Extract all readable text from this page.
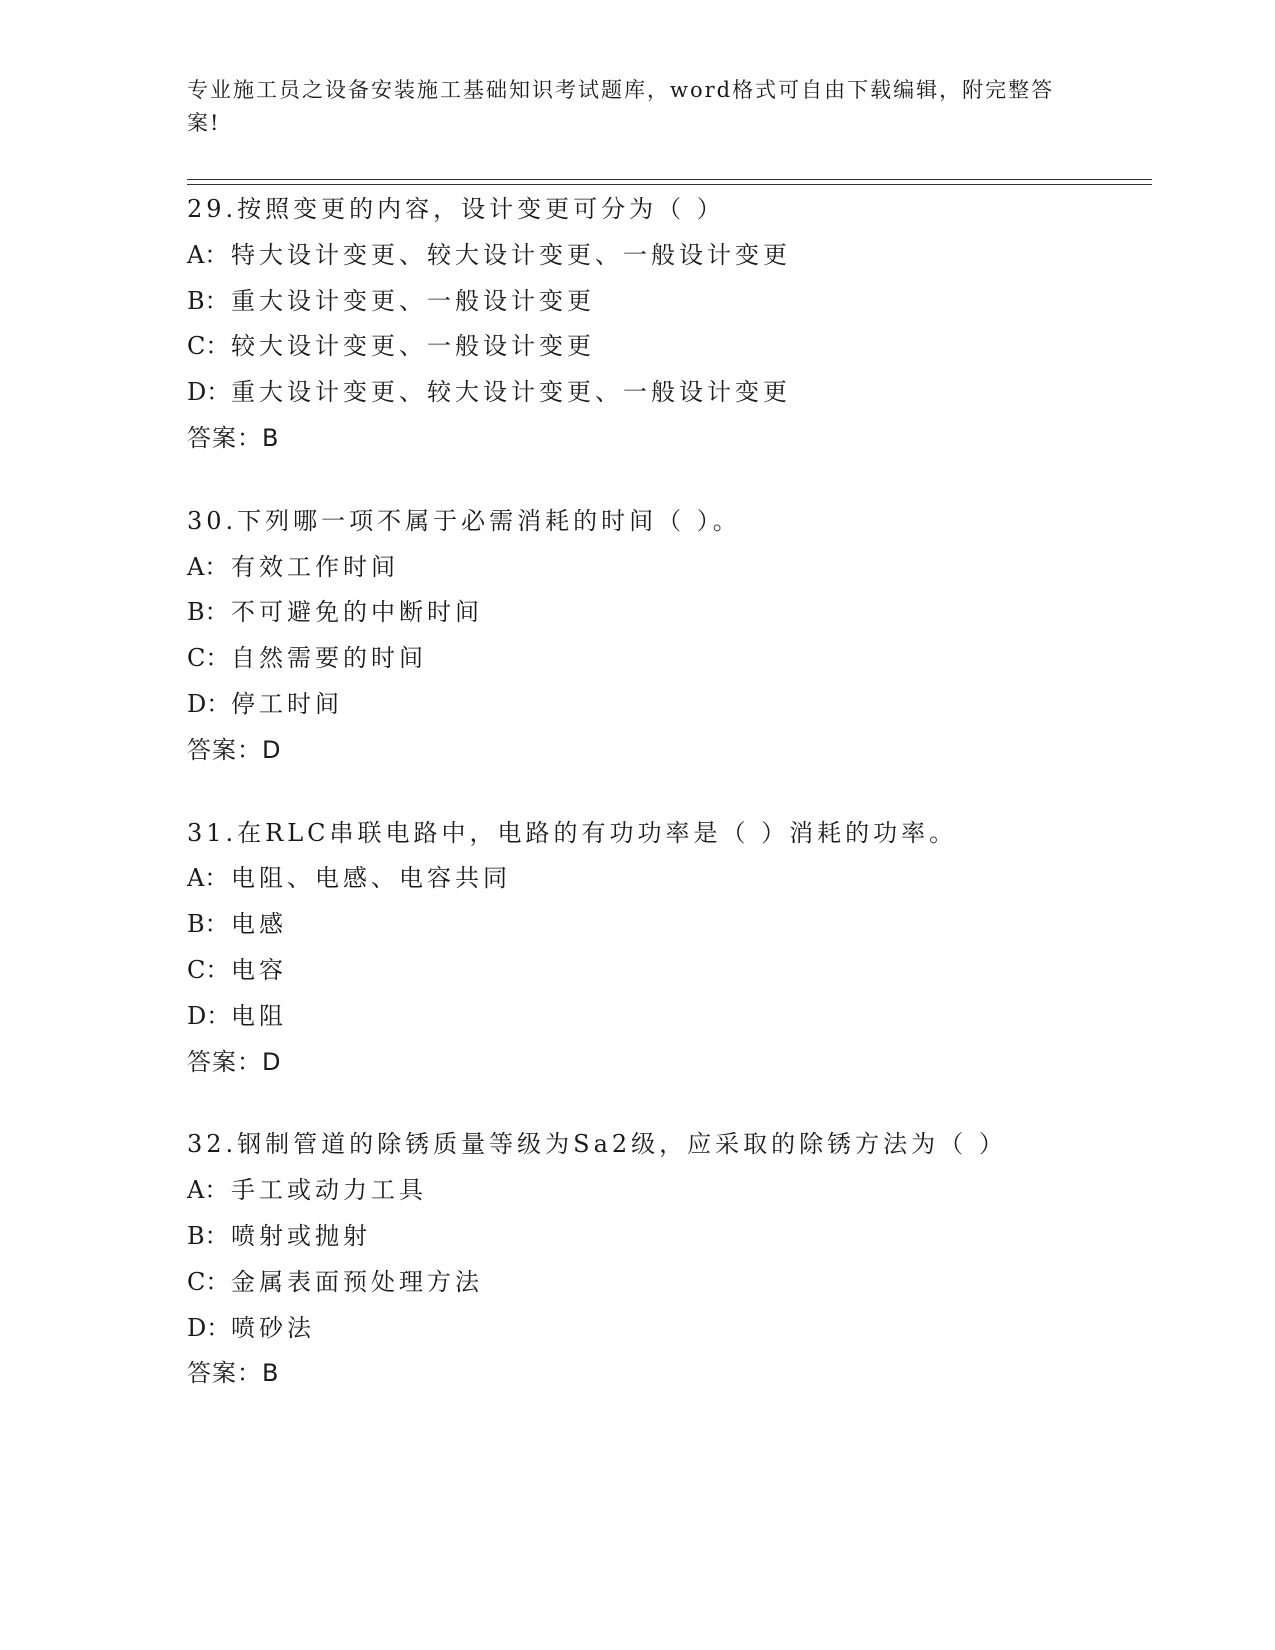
专业施工员之设备安装施工基础知识考试题库，word格式可自由下载编辑，附完整答案!
29.按照变更的内容，设计变更可分为（ ）
A： 特大设计变更、较大设计变更、一般设计变更
B：重大设计变更、一般设计变更
C：较大设计变更、一般设计变更
D：重大设计变更、较大设计变更、一般设计变更
答案：B
30.下列哪一项不属于必需消耗的时间（ ）。
A： 有效工作时间
B：不可避免的中断时间
C：自然需要的时间
D：停工时间
答案：D
31.在RLC串联电路中，电路的有功功率是（ ）消耗的功率。
A： 电阻、电感、电容共同
B：电感
C：电容
D：电阻
答案：D
32.钢制管道的除锈质量等级为Sa2级，应采取的除锈方法为（ ）
A： 手工或动力工具
B：喷射或抛射
C：金属表面预处理方法
D：喷砂法
答案：B
